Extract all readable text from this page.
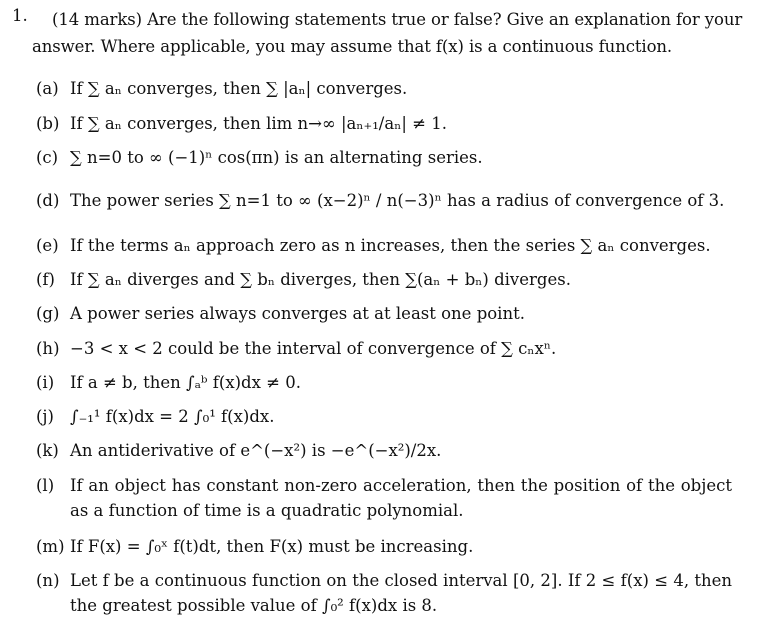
1.	(14 marks) Are the following statements true or false? Give an explanation for your answer. Where applicable, you may assume that f(x) is a continuous function.
(a) If ∑ aₙ converges, then ∑ |aₙ| converges.
(b) If ∑ aₙ converges, then lim n→∞ |aₙ₊₁/aₙ| ≠ 1.
(c) ∑ n=0 to ∞ (−1)ⁿ cos(πn) is an alternating series.
(d) The power series ∑ n=1 to ∞ (x−2)ⁿ / n(−3)ⁿ has a radius of convergence of 3.
(e) If the terms aₙ approach zero as n increases, then the series ∑ aₙ converges.
(f) If ∑ aₙ diverges and ∑ bₙ diverges, then ∑(aₙ + bₙ) diverges.
(g) A power series always converges at at least one point.
(h) −3 < x < 2 could be the interval of convergence of ∑ cₙxⁿ.
(i) If a ≠ b, then ∫ₐᵇ f(x)dx ≠ 0.
(j) ∫₋₁¹ f(x)dx = 2 ∫₀¹ f(x)dx.
(k) An antiderivative of e^(−x²) is −e^(−x²)/2x.
(l) If an object has constant non-zero acceleration, then the position of the object as a function of time is a quadratic polynomial.
(m) If F(x) = ∫₀ˣ f(t)dt, then F(x) must be increasing.
(n) Let f be a continuous function on the closed interval [0, 2]. If 2 ≤ f(x) ≤ 4, then the greatest possible value of ∫₀² f(x)dx is 8.
